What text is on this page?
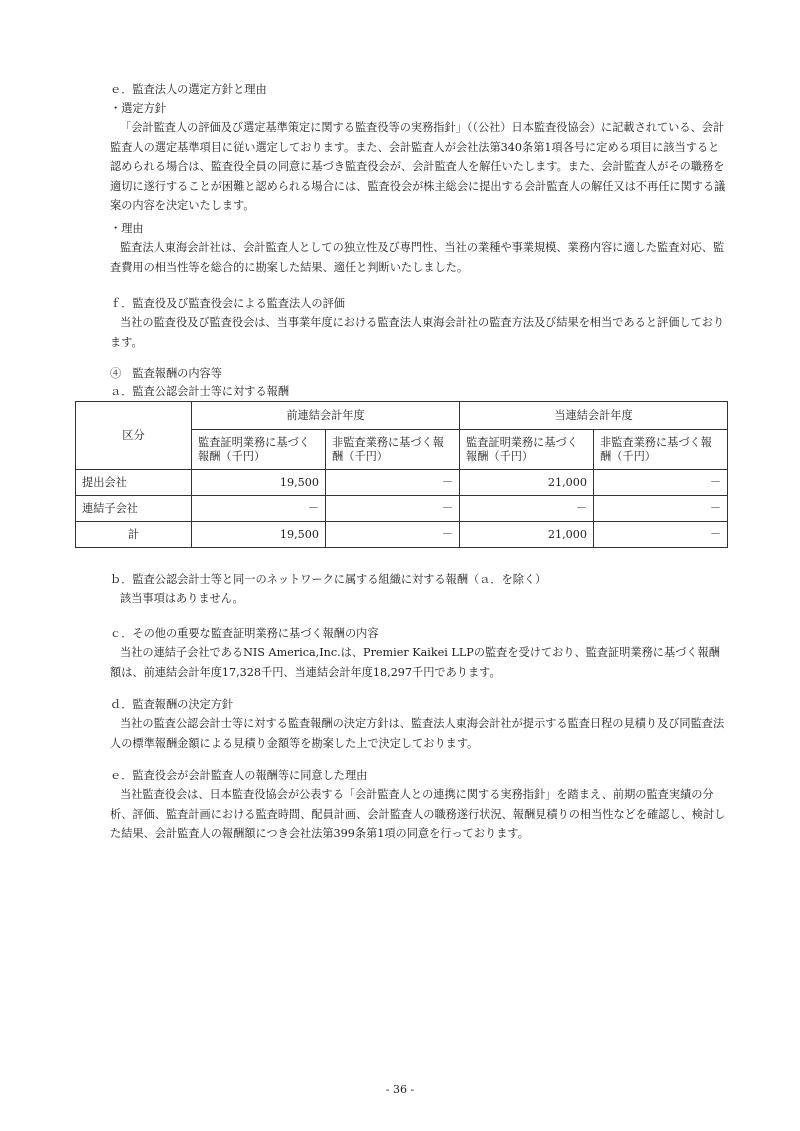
ｅ．監査法人の選定方針と理由

・選定方針

「会計監査人の評価及び選定基準策定に関する監査役等の実務指針」（（公社）日本監査役協会）に記載されている、会計監査人の選定基準項目に従い選定しております。また、会計監査人が会社法第340条第1項各号に定める項目に該当すると認められる場合は、監査役全員の同意に基づき監査役会が、会計監査人を解任いたします。また、会計監査人がその職務を適切に遂行することが困難と認められる場合には、監査役会が株主総会に提出する会計監査人の解任又は不再任に関する議案の内容を決定いたします。

・理由

監査法人東海会計社は、会計監査人としての独立性及び専門性、当社の業種や事業規模、業務内容に適した監査対応、監査費用の相当性等を総合的に勘案した結果、適任と判断いたしました。

ｆ．監査役及び監査役会による監査法人の評価

当社の監査役及び監査役会は、当事業年度における監査法人東海会計社の監査方法及び結果を相当であると評価しております。

④　監査報酬の内容等

ａ．監査公認会計士等に対する報酬

区分	前連結会計年度		当連結会計年度	
	監査証明業務に基づく報酬（千円）	非監査業務に基づく報酬（千円）	監査証明業務に基づく報酬（千円）	非監査業務に基づく報酬（千円）
提出会社	19,500	－	21,000	－
連結子会社	－	－	－	－
計	19,500	－	21,000	－

ｂ．監査公認会計士等と同一のネットワークに属する組織に対する報酬（ａ．を除く）

該当事項はありません。

ｃ．その他の重要な監査証明業務に基づく報酬の内容

当社の連結子会社であるNIS America,Inc.は、Premier Kaikei LLPの監査を受けており、監査証明業務に基づく報酬額は、前連結会計年度17,328千円、当連結会計年度18,297千円であります。

ｄ．監査報酬の決定方針

当社の監査公認会計士等に対する監査報酬の決定方針は、監査法人東海会計社が提示する監査日程の見積り及び同監査法人の標準報酬金額による見積り金額等を勘案した上で決定しております。

ｅ．監査役会が会計監査人の報酬等に同意した理由

当社監査役会は、日本監査役協会が公表する「会計監査人との連携に関する実務指針」を踏まえ、前期の監査実績の分析、評価、監査計画における監査時間、配員計画、会計監査人の職務遂行状況、報酬見積りの相当性などを確認し、検討した結果、会計監査人の報酬額につき会社法第399条第1項の同意を行っております。

- 36 -
